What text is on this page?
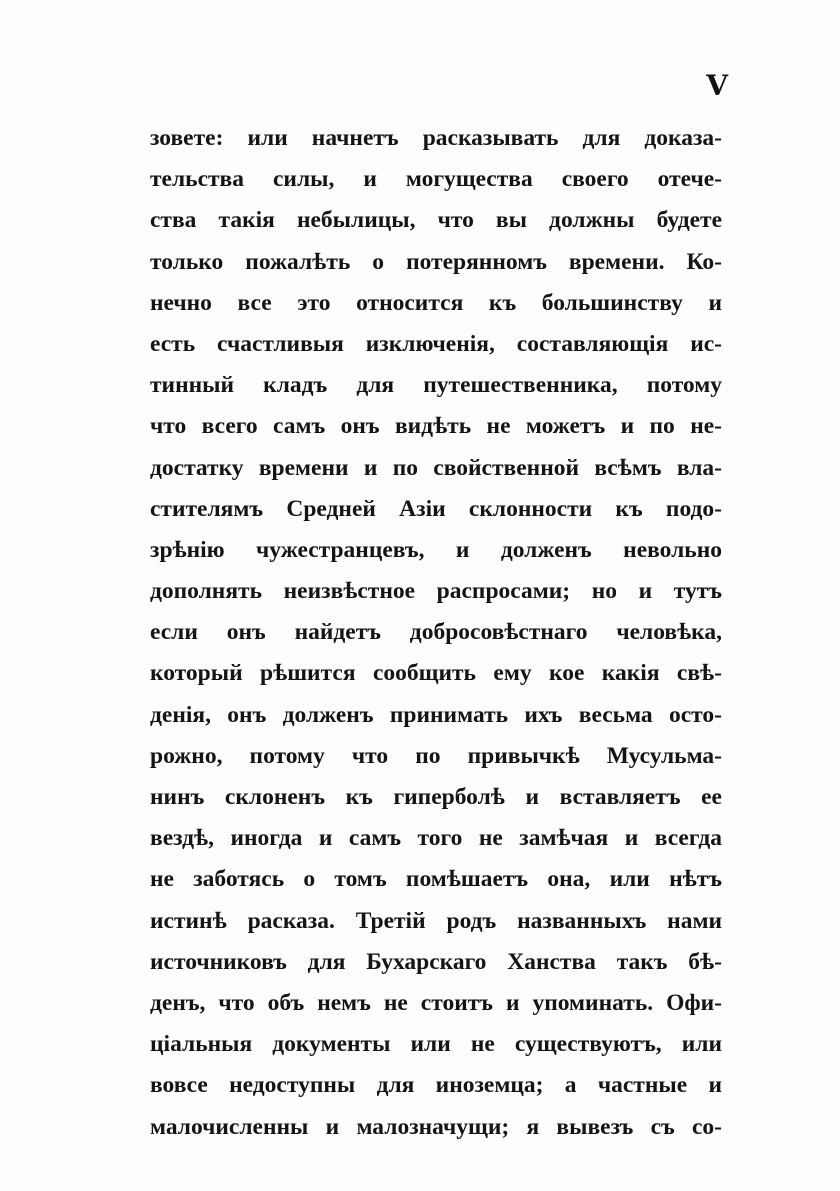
V
зовете: или начнетъ расказывать для доказа-
тельства силы, и могущества своего отече-
ства такія небылицы, что вы должны будете
только пожалѣть о потерянномъ времени. Ко-
нечно все это относится къ большинству и
есть счастливыя изключенія, составляющія ис-
тинный кладъ для путешественника, потому
что всего самъ онъ видѣть не можетъ и по не-
достатку времени и по свойственной всѣмъ вла-
стителямъ Средней Азіи склонности къ подо-
зрѣнію чужестранцевъ, и долженъ невольно
дополнять неизвѣстное распросами; но и тутъ
если онъ найдетъ добросовѣстнаго человѣка,
который рѣшится сообщить ему кое какія свѣ-
денія, онъ долженъ принимать ихъ весьма осто-
рожно, потому что по привычкѣ Мусульма-
нинъ склоненъ къ гиперболѣ и вставляетъ ее
вездѣ, иногда и самъ того не замѣчая и всегда
не заботясь о томъ помѣшаетъ она, или нѣтъ
истинѣ расказа. Третій родъ названныхъ нами
источниковъ для Бухарскаго Ханства такъ бѣ-
денъ, что объ немъ не стоитъ и упоминать. Офи-
ціальныя документы или не существуютъ, или
вовсе недоступны для иноземца; а частные и
малочисленны и малозначущи; я вывезъ съ со-
